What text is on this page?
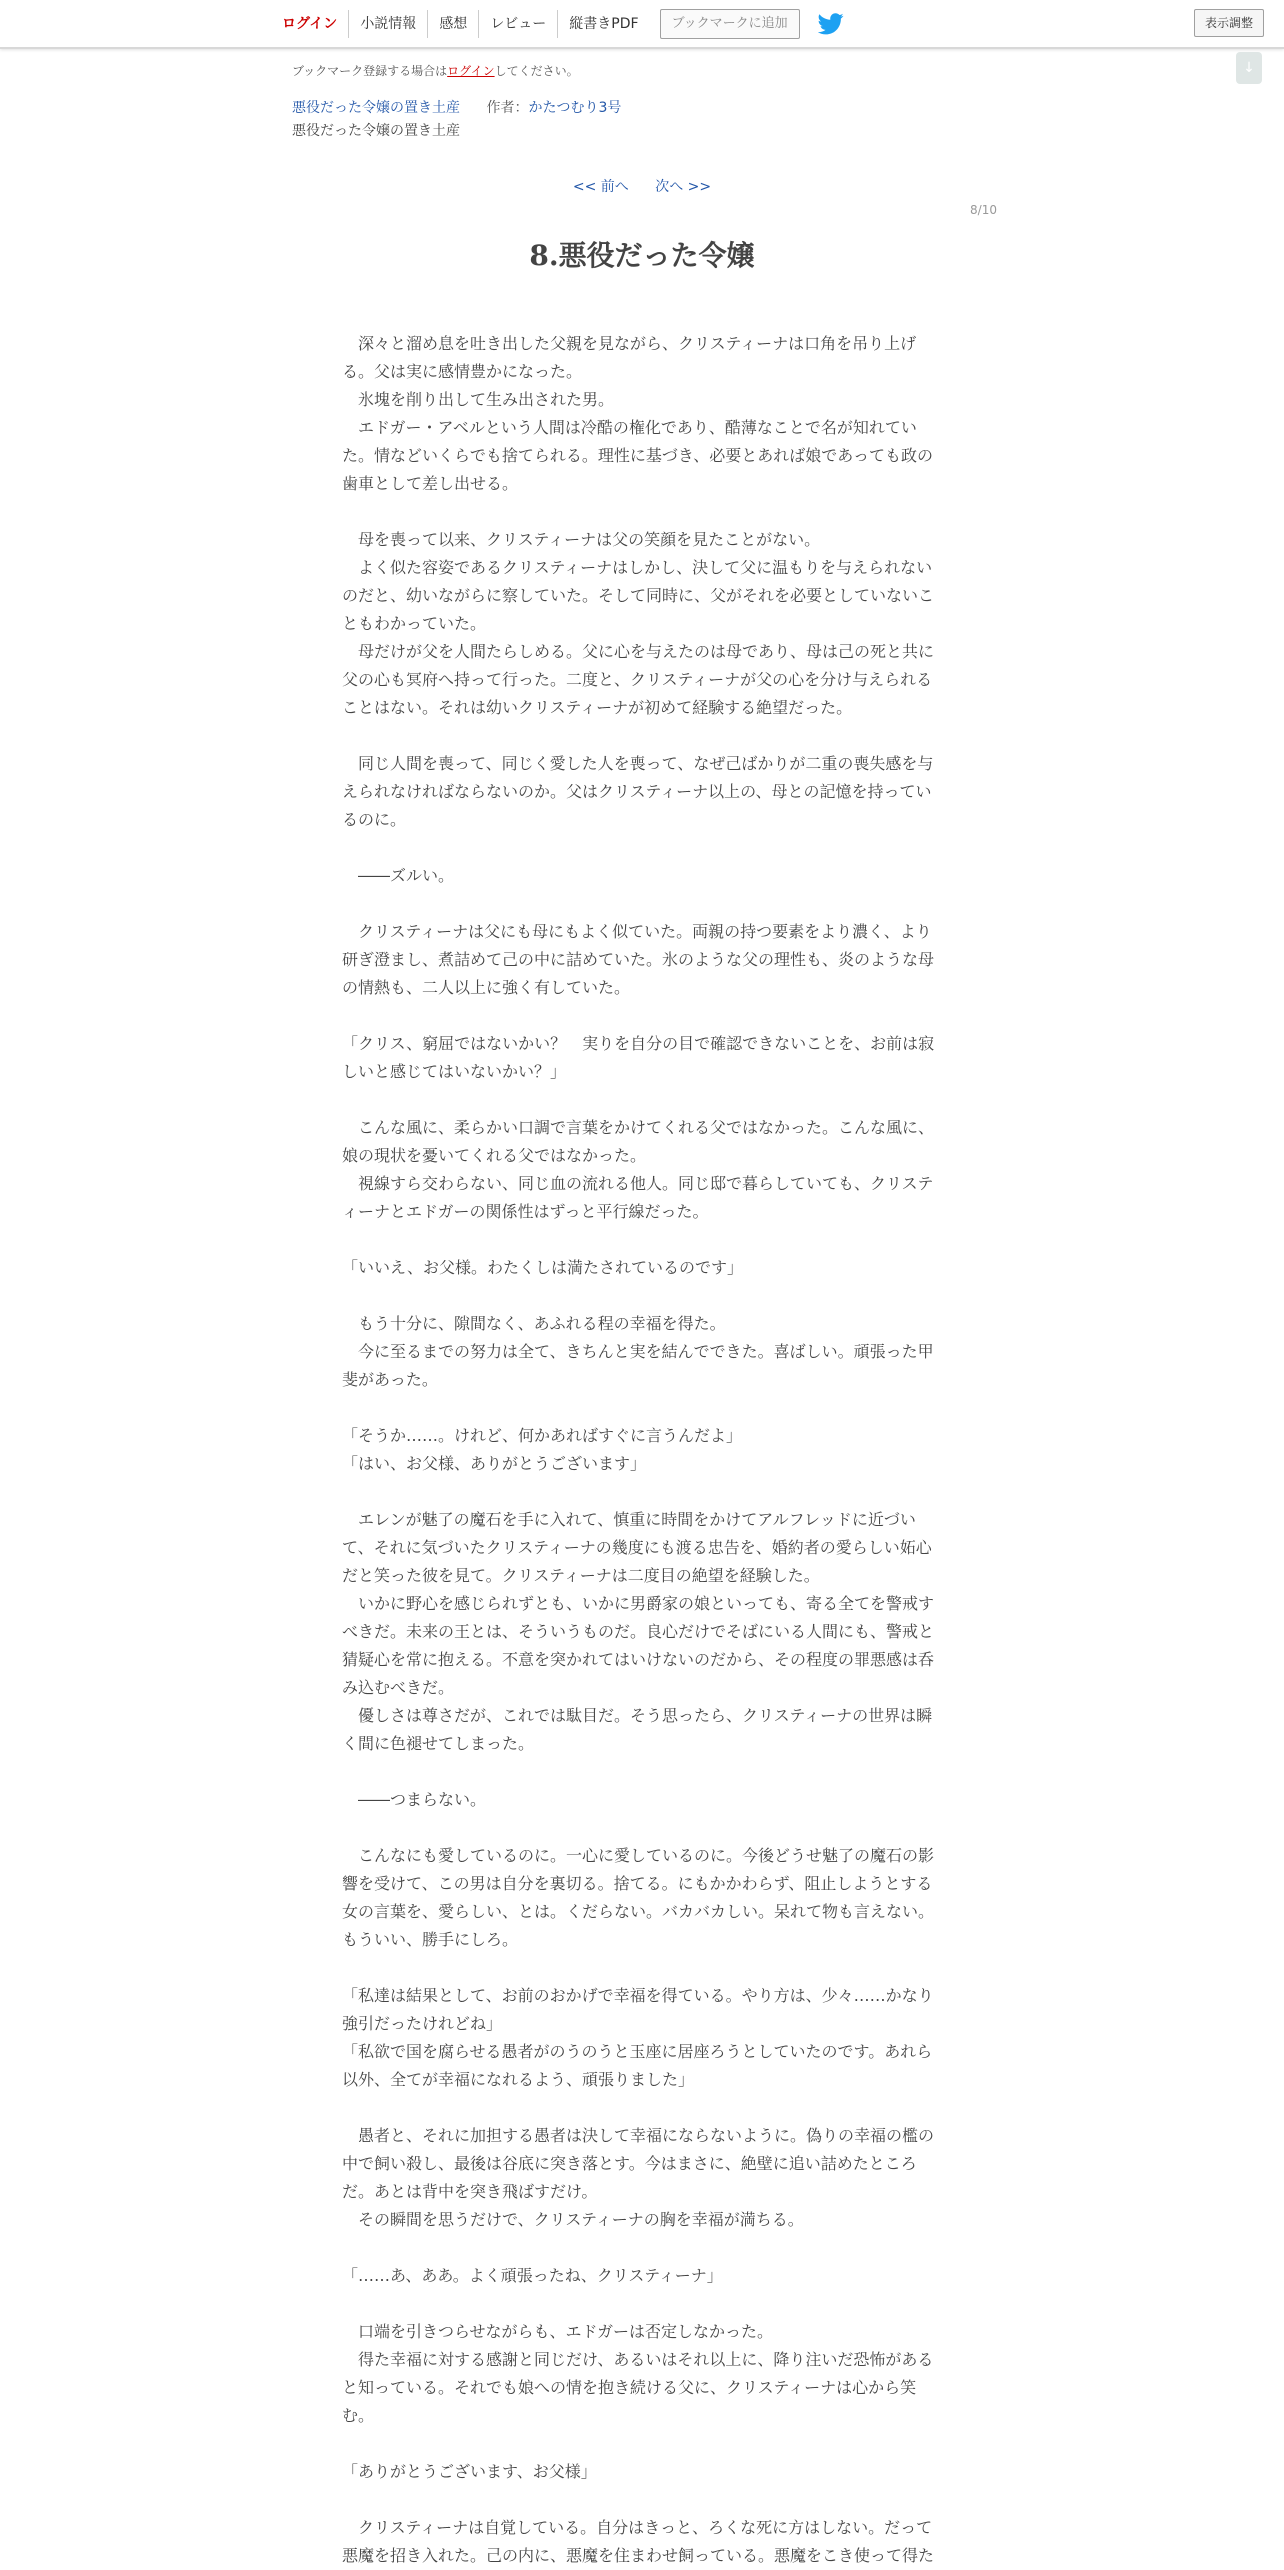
ログイン	小説情報	感想	レビュー	縦書きPDF	ブックマークに追加	表示調整
↓
ブックマーク登録する場合はログインしてください。
悪役だった令嬢の置き土産 作者：かたつむり3号
悪役だった令嬢の置き土産
<< 前へ 次へ >>
8/10
8.悪役だった令嬢

　深々と溜め息を吐き出した父親を見ながら、クリスティーナは口角を吊り上げる。父は実に感情豊かになった。

　氷塊を削り出して生み出された男。

　エドガー・アベルという人間は冷酷の権化であり、酷薄なことで名が知れていた。情などいくらでも捨てられる。理性に基づき、必要とあれば娘であっても政の歯車として差し出せる。

　母を喪って以来、クリスティーナは父の笑顔を見たことがない。

　よく似た容姿であるクリスティーナはしかし、決して父に温もりを与えられないのだと、幼いながらに察していた。そして同時に、父がそれを必要としていないこともわかっていた。

　母だけが父を人間たらしめる。父に心を与えたのは母であり、母は己の死と共に父の心も冥府へ持って行った。二度と、クリスティーナが父の心を分け与えられることはない。それは幼いクリスティーナが初めて経験する絶望だった。

　同じ人間を喪って、同じく愛した人を喪って、なぜ己ばかりが二重の喪失感を与えられなければならないのか。父はクリスティーナ以上の、母との記憶を持っているのに。

　――ズルい。

　クリスティーナは父にも母にもよく似ていた。両親の持つ要素をより濃く、より研ぎ澄まし、煮詰めて己の中に詰めていた。氷のような父の理性も、炎のような母の情熱も、二人以上に強く有していた。

「クリス、窮屈ではないかい？　実りを自分の目で確認できないことを、お前は寂しいと感じてはいないかい？」

　こんな風に、柔らかい口調で言葉をかけてくれる父ではなかった。こんな風に、娘の現状を憂いてくれる父ではなかった。

　視線すら交わらない、同じ血の流れる他人。同じ邸で暮らしていても、クリスティーナとエドガーの関係性はずっと平行線だった。

「いいえ、お父様。わたくしは満たされているのです」

　もう十分に、隙間なく、あふれる程の幸福を得た。

　今に至るまでの努力は全て、きちんと実を結んでできた。喜ばしい。頑張った甲斐があった。

「そうか……。けれど、何かあればすぐに言うんだよ」

「はい、お父様、ありがとうございます」

　エレンが魅了の魔石を手に入れて、慎重に時間をかけてアルフレッドに近づいて、それに気づいたクリスティーナの幾度にも渡る忠告を、婚約者の愛らしい妬心だと笑った彼を見て。クリスティーナは二度目の絶望を経験した。

　いかに野心を感じられずとも、いかに男爵家の娘といっても、寄る全てを警戒すべきだ。未来の王とは、そういうものだ。良心だけでそばにいる人間にも、警戒と猜疑心を常に抱える。不意を突かれてはいけないのだから、その程度の罪悪感は呑み込むべきだ。

　優しさは尊さだが、これでは駄目だ。そう思ったら、クリスティーナの世界は瞬く間に色褪せてしまった。

　――つまらない。

　こんなにも愛しているのに。一心に愛しているのに。今後どうせ魅了の魔石の影響を受けて、この男は自分を裏切る。捨てる。にもかかわらず、阻止しようとする女の言葉を、愛らしい、とは。くだらない。バカバカしい。呆れて物も言えない。もういい、勝手にしろ。

「私達は結果として、お前のおかげで幸福を得ている。やり方は、少々……かなり強引だったけれどね」

「私欲で国を腐らせる愚者がのうのうと玉座に居座ろうとしていたのです。あれら以外、全てが幸福になれるよう、頑張りました」

　愚者と、それに加担する愚者は決して幸福にならないように。偽りの幸福の檻の中で飼い殺し、最後は谷底に突き落とす。今はまさに、絶壁に追い詰めたところだ。あとは背中を突き飛ばすだけ。

　その瞬間を思うだけで、クリスティーナの胸を幸福が満ちる。

「……あ、ああ。よく頑張ったね、クリスティーナ」

　口端を引きつらせながらも、エドガーは否定しなかった。

　得た幸福に対する感謝と同じだけ、あるいはそれ以上に、降り注いだ恐怖がある と知っている。それでも娘への情を抱き続ける父に、クリスティーナは心から笑む。

「ありがとうございます、お父様」

　クリスティーナは自覚している。自分はきっと、ろくな死に方はしない。だって悪魔を招き入れた。己の内に、悪魔を住まわせ飼っている。悪魔をこき使って得た
